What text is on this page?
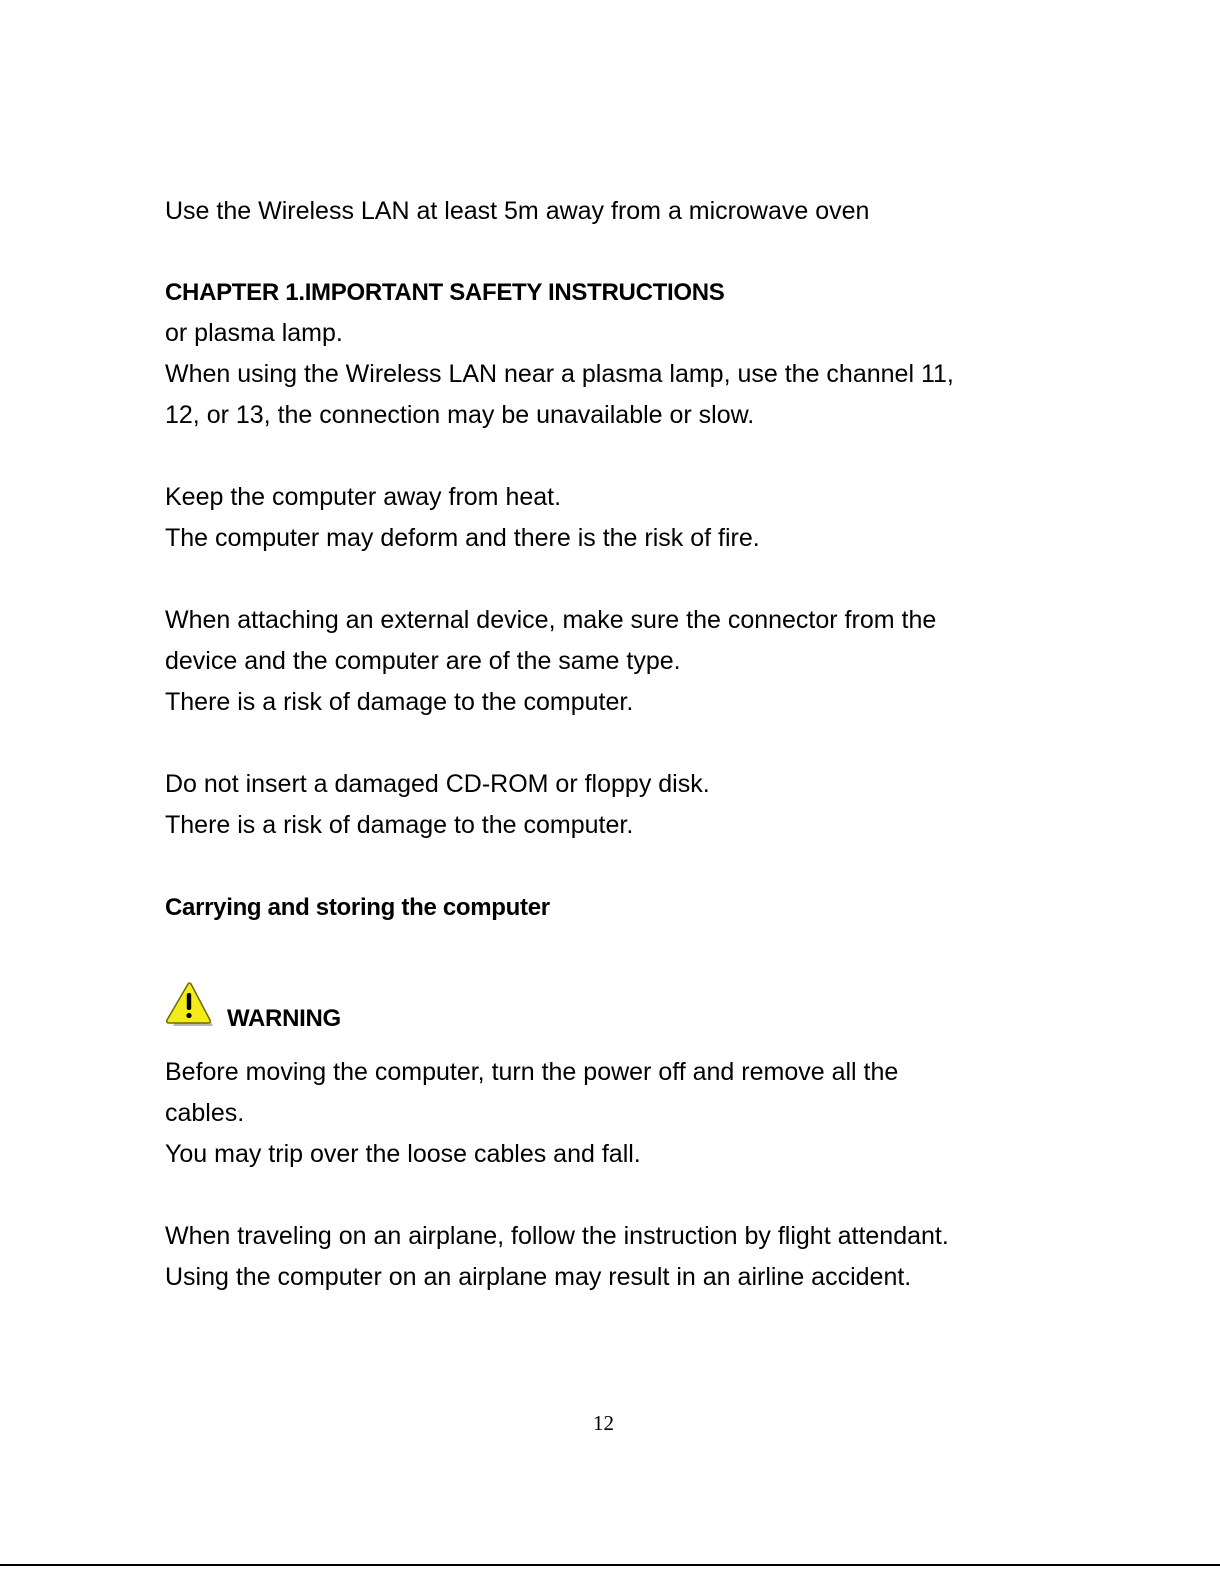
Use the Wireless LAN at least 5m away from a microwave oven
CHAPTER 1.IMPORTANT SAFETY INSTRUCTIONS
or plasma lamp.
When using the Wireless LAN near a plasma lamp, use the channel 11,
12, or 13, the connection may be unavailable or slow.
Keep the computer away from heat.
The computer may deform and there is the risk of fire.
When attaching an external device, make sure the connector from the
device and the computer are of the same type.
There is a risk of damage to the computer.
Do not insert a damaged CD-ROM or floppy disk.
There is a risk of damage to the computer.
Carrying and storing the computer
WARNING
Before moving the computer, turn the power off and remove all the
cables.
You may trip over the loose cables and fall.
When traveling on an airplane, follow the instruction by flight attendant.
Using the computer on an airplane may result in an airline accident.
12
